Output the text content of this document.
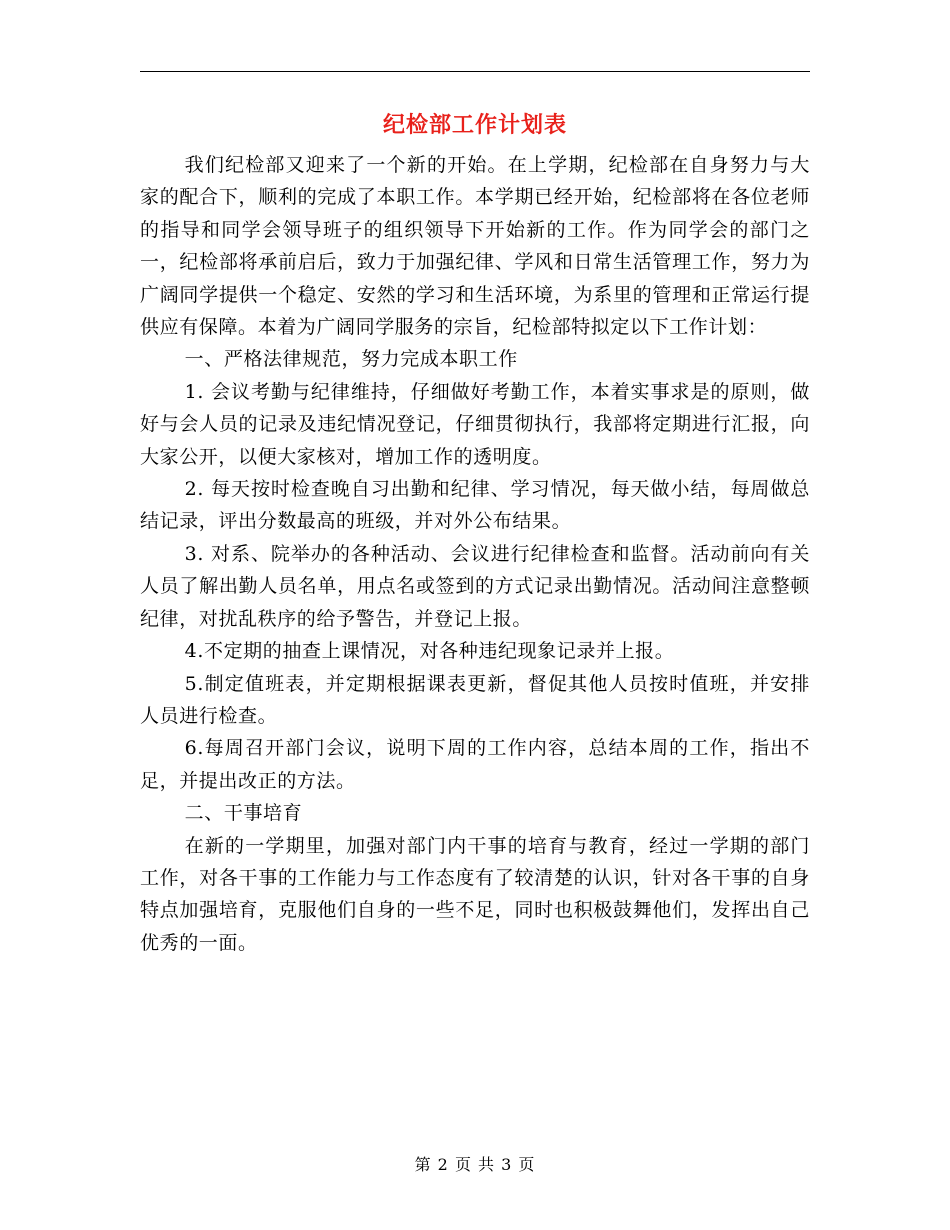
纪检部工作计划表

我们纪检部又迎来了一个新的开始。在上学期，纪检部在自身努力与大家的配合下，顺利的完成了本职工作。本学期已经开始，纪检部将在各位老师的指导和同学会领导班子的组织领导下开始新的工作。作为同学会的部门之一，纪检部将承前启后，致力于加强纪律、学风和日常生活管理工作，努力为广阔同学提供一个稳定、安然的学习和生活环境，为系里的管理和正常运行提供应有保障。本着为广阔同学服务的宗旨，纪检部特拟定以下工作计划：

一、严格法律规范，努力完成本职工作

1. 会议考勤与纪律维持，仔细做好考勤工作，本着实事求是的原则，做好与会人员的记录及违纪情况登记，仔细贯彻执行，我部将定期进行汇报，向大家公开，以便大家核对，增加工作的透明度。

2. 每天按时检查晚自习出勤和纪律、学习情况，每天做小结，每周做总结记录，评出分数最高的班级，并对外公布结果。

3. 对系、院举办的各种活动、会议进行纪律检查和监督。活动前向有关人员了解出勤人员名单，用点名或签到的方式记录出勤情况。活动间注意整顿纪律，对扰乱秩序的给予警告，并登记上报。

4.不定期的抽查上课情况，对各种违纪现象记录并上报。

5.制定值班表，并定期根据课表更新，督促其他人员按时值班，并安排人员进行检查。

6.每周召开部门会议，说明下周的工作内容，总结本周的工作，指出不足，并提出改正的方法。

二、干事培育

在新的一学期里，加强对部门内干事的培育与教育，经过一学期的部门工作，对各干事的工作能力与工作态度有了较清楚的认识，针对各干事的自身特点加强培育，克服他们自身的一些不足，同时也积极鼓舞他们，发挥出自己优秀的一面。

第 2 页 共 3 页
